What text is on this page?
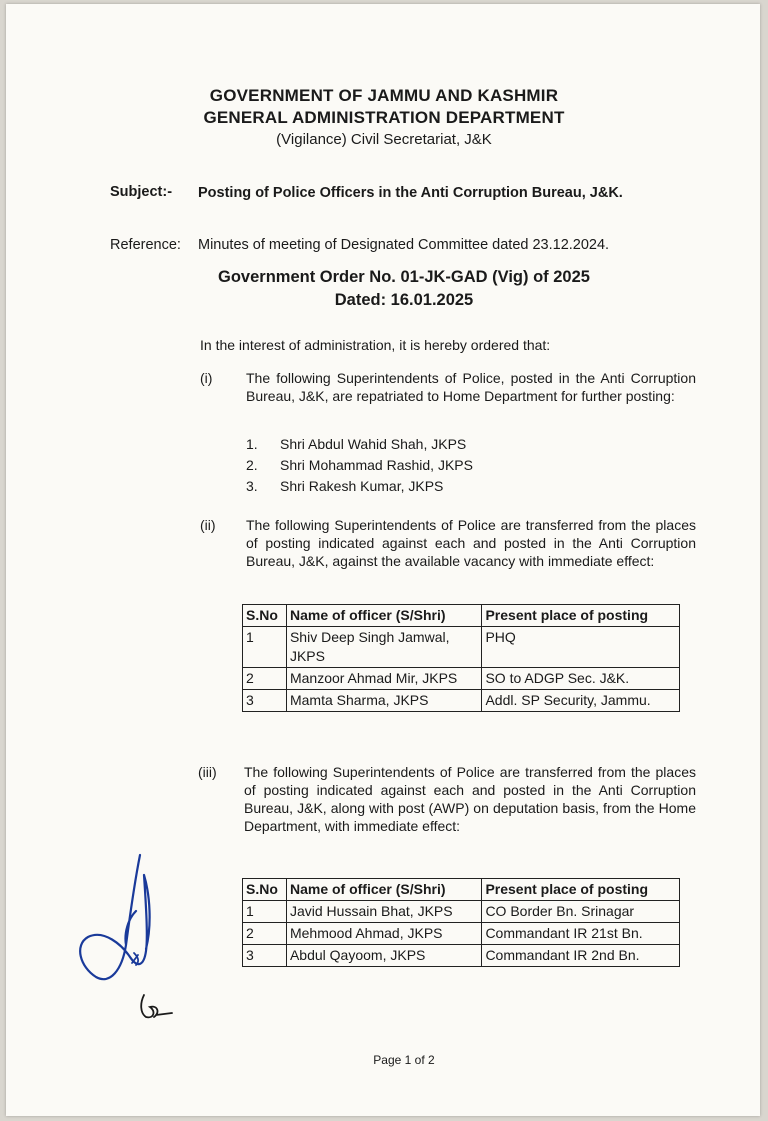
GOVERNMENT OF JAMMU AND KASHMIR
GENERAL ADMINISTRATION DEPARTMENT
(Vigilance) Civil Secretariat, J&K
Subject:- Posting of Police Officers in the Anti Corruption Bureau, J&K.
Reference: Minutes of meeting of Designated Committee dated 23.12.2024.
Government Order No. 01-JK-GAD (Vig) of 2025
Dated: 16.01.2025
In the interest of administration, it is hereby ordered that:
(i) The following Superintendents of Police, posted in the Anti Corruption Bureau, J&K, are repatriated to Home Department for further posting:
1. Shri Abdul Wahid Shah, JKPS
2. Shri Mohammad Rashid, JKPS
3. Shri Rakesh Kumar, JKPS
(ii) The following Superintendents of Police are transferred from the places of posting indicated against each and posted in the Anti Corruption Bureau, J&K, against the available vacancy with immediate effect:
S.No	Name of officer (S/Shri)	Present place of posting
1	Shiv Deep Singh Jamwal, JKPS	PHQ
2	Manzoor Ahmad Mir, JKPS	SO to ADGP Sec. J&K.
3	Mamta Sharma, JKPS	Addl. SP Security, Jammu.
(iii) The following Superintendents of Police are transferred from the places of posting indicated against each and posted in the Anti Corruption Bureau, J&K, along with post (AWP) on deputation basis, from the Home Department, with immediate effect:
S.No	Name of officer (S/Shri)	Present place of posting
1	Javid Hussain Bhat, JKPS	CO Border Bn. Srinagar
2	Mehmood Ahmad, JKPS	Commandant IR 21st Bn.
3	Abdul Qayoom, JKPS	Commandant IR 2nd Bn.
Page 1 of 2
